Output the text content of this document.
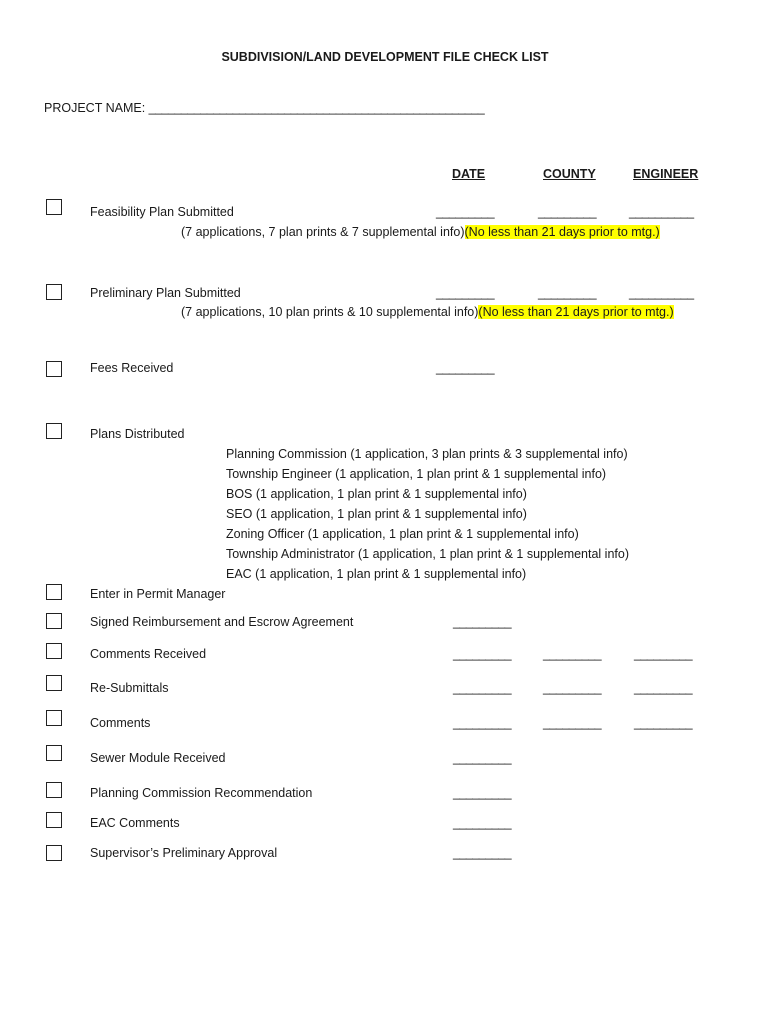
SUBDIVISION/LAND DEVELOPMENT FILE CHECK LIST
PROJECT NAME: ____________________________________________________
DATE	COUNTY	ENGINEER
Feasibility Plan Submitted	_________	_________	__________
(7 applications, 7 plan prints & 7 supplemental info)(No less than 21 days prior to mtg.)
Preliminary Plan Submitted	_________	_________	__________
(7 applications, 10 plan prints & 10 supplemental info)(No less than 21 days prior to mtg.)
Fees Received	_________
Plans Distributed
Planning Commission (1 application, 3 plan prints & 3 supplemental info)
Township Engineer (1 application, 1 plan print & 1 supplemental info)
BOS (1 application, 1 plan print & 1 supplemental info)
SEO (1 application, 1 plan print & 1 supplemental info)
Zoning Officer (1 application, 1 plan print & 1 supplemental info)
Township Administrator (1 application, 1 plan print & 1 supplemental info)
EAC (1 application, 1 plan print & 1 supplemental info)
Enter in Permit Manager
Signed Reimbursement and Escrow Agreement	_________
Comments Received	_________	_________	_________
Re-Submittals	_________	_________	_________
Comments	_________	_________	_________
Sewer Module Received	_________
Planning Commission Recommendation	_________
EAC Comments	_________
Supervisor’s Preliminary Approval	_________
